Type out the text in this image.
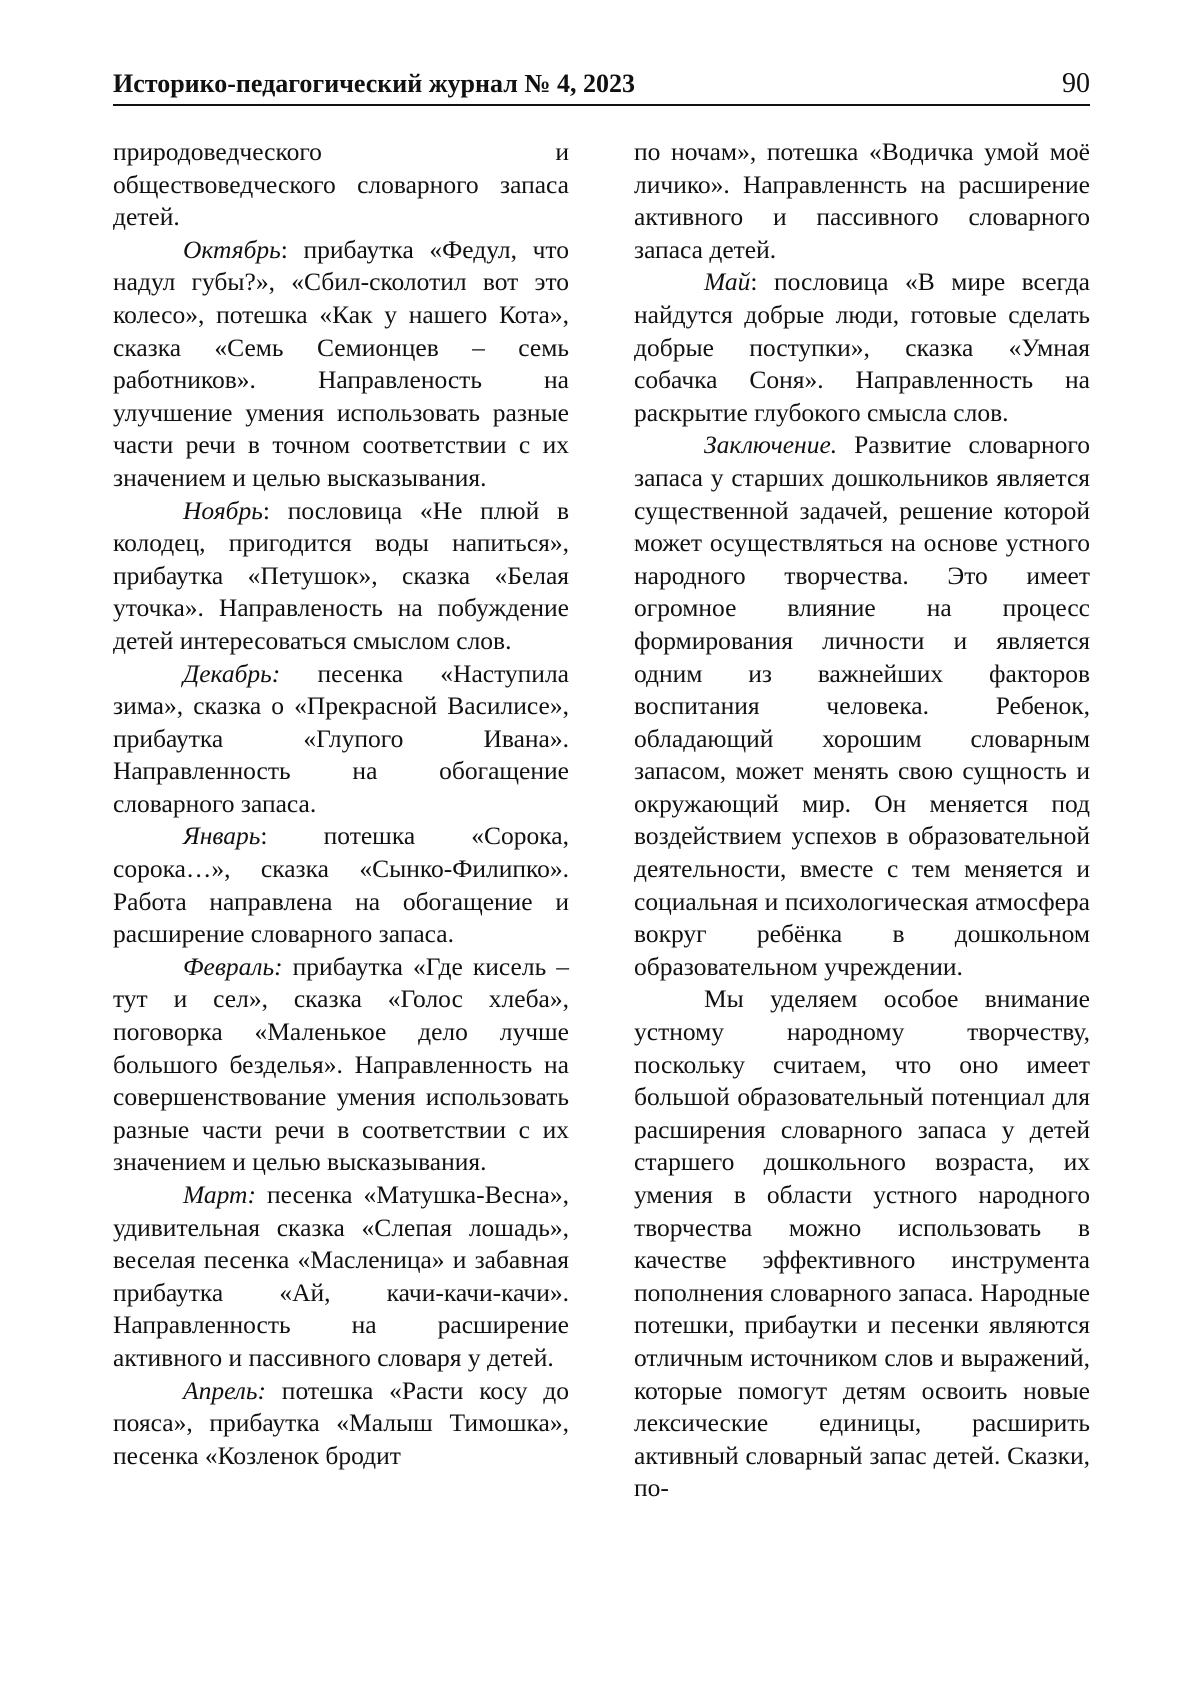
Историко-педагогический журнал № 4, 2023	90

природоведческого и обществоведческого словарного запаса детей.

Октябрь: прибаутка «Федул, что надул губы?», «Сбил-сколотил вот это колесо», потешка «Как у нашего Кота», сказка «Семь Семионцев – семь работников». Направленость на улучшение умения использовать разные части речи в точном соответствии с их значением и целью высказывания.

Ноябрь: пословица «Не плюй в колодец, пригодится воды напиться», прибаутка «Петушок», сказка «Белая уточка». Направленость на побуждение детей интересоваться смыслом слов.

Декабрь: песенка «Наступила зима», сказка о «Прекрасной Василисе», прибаутка «Глупого Ивана». Направленность на обогащение словарного запаса.

Январь: потешка «Сорока, сорока…», сказка «Сынко-Филипко». Работа направлена на обогащение и расширение словарного запаса.

Февраль: прибаутка «Где кисель – тут и сел», сказка «Голос хлеба», поговорка «Маленькое дело лучше большого безделья». Направленность на совершенствование умения использовать разные части речи в соответствии с их значением и целью высказывания.

Март: песенка «Матушка-Весна», удивительная сказка «Слепая лошадь», веселая песенка «Масленица» и забавная прибаутка «Ай, качи-качи-качи». Направленность на расширение активного и пассивного словаря у детей.

Апрель: потешка «Расти косу до пояса», прибаутка «Малыш Тимошка», песенка «Козленок бродит

по ночам», потешка «Водичка умой моё личико». Направленнсть на расширение активного и пассивного словарного запаса детей.

Май: пословица «В мире всегда найдутся добрые люди, готовые сделать добрые поступки», сказка «Умная собачка Соня». Направленность на раскрытие глубокого смысла слов.

Заключение. Развитие словарного запаса у старших дошкольников является существенной задачей, решение которой может осуществляться на основе устного народного творчества. Это имеет огромное влияние на процесс формирования личности и является одним из важнейших факторов воспитания человека. Ребенок, обладающий хорошим словарным запасом, может менять свою сущность и окружающий мир. Он меняется под воздействием успехов в образовательной деятельности, вместе с тем меняется и социальная и психологическая атмосфера вокруг ребёнка в дошкольном образовательном учреждении.

Мы уделяем особое внимание устному народному творчеству, поскольку считаем, что оно имеет большой образовательный потенциал для расширения словарного запаса у детей старшего дошкольного возраста, их умения в области устного народного творчества можно использовать в качестве эффективного инструмента пополнения словарного запаса. Народные потешки, прибаутки и песенки являются отличным источником слов и выражений, которые помогут детям освоить новые лексические единицы, расширить активный словарный запас детей. Сказки, по-
